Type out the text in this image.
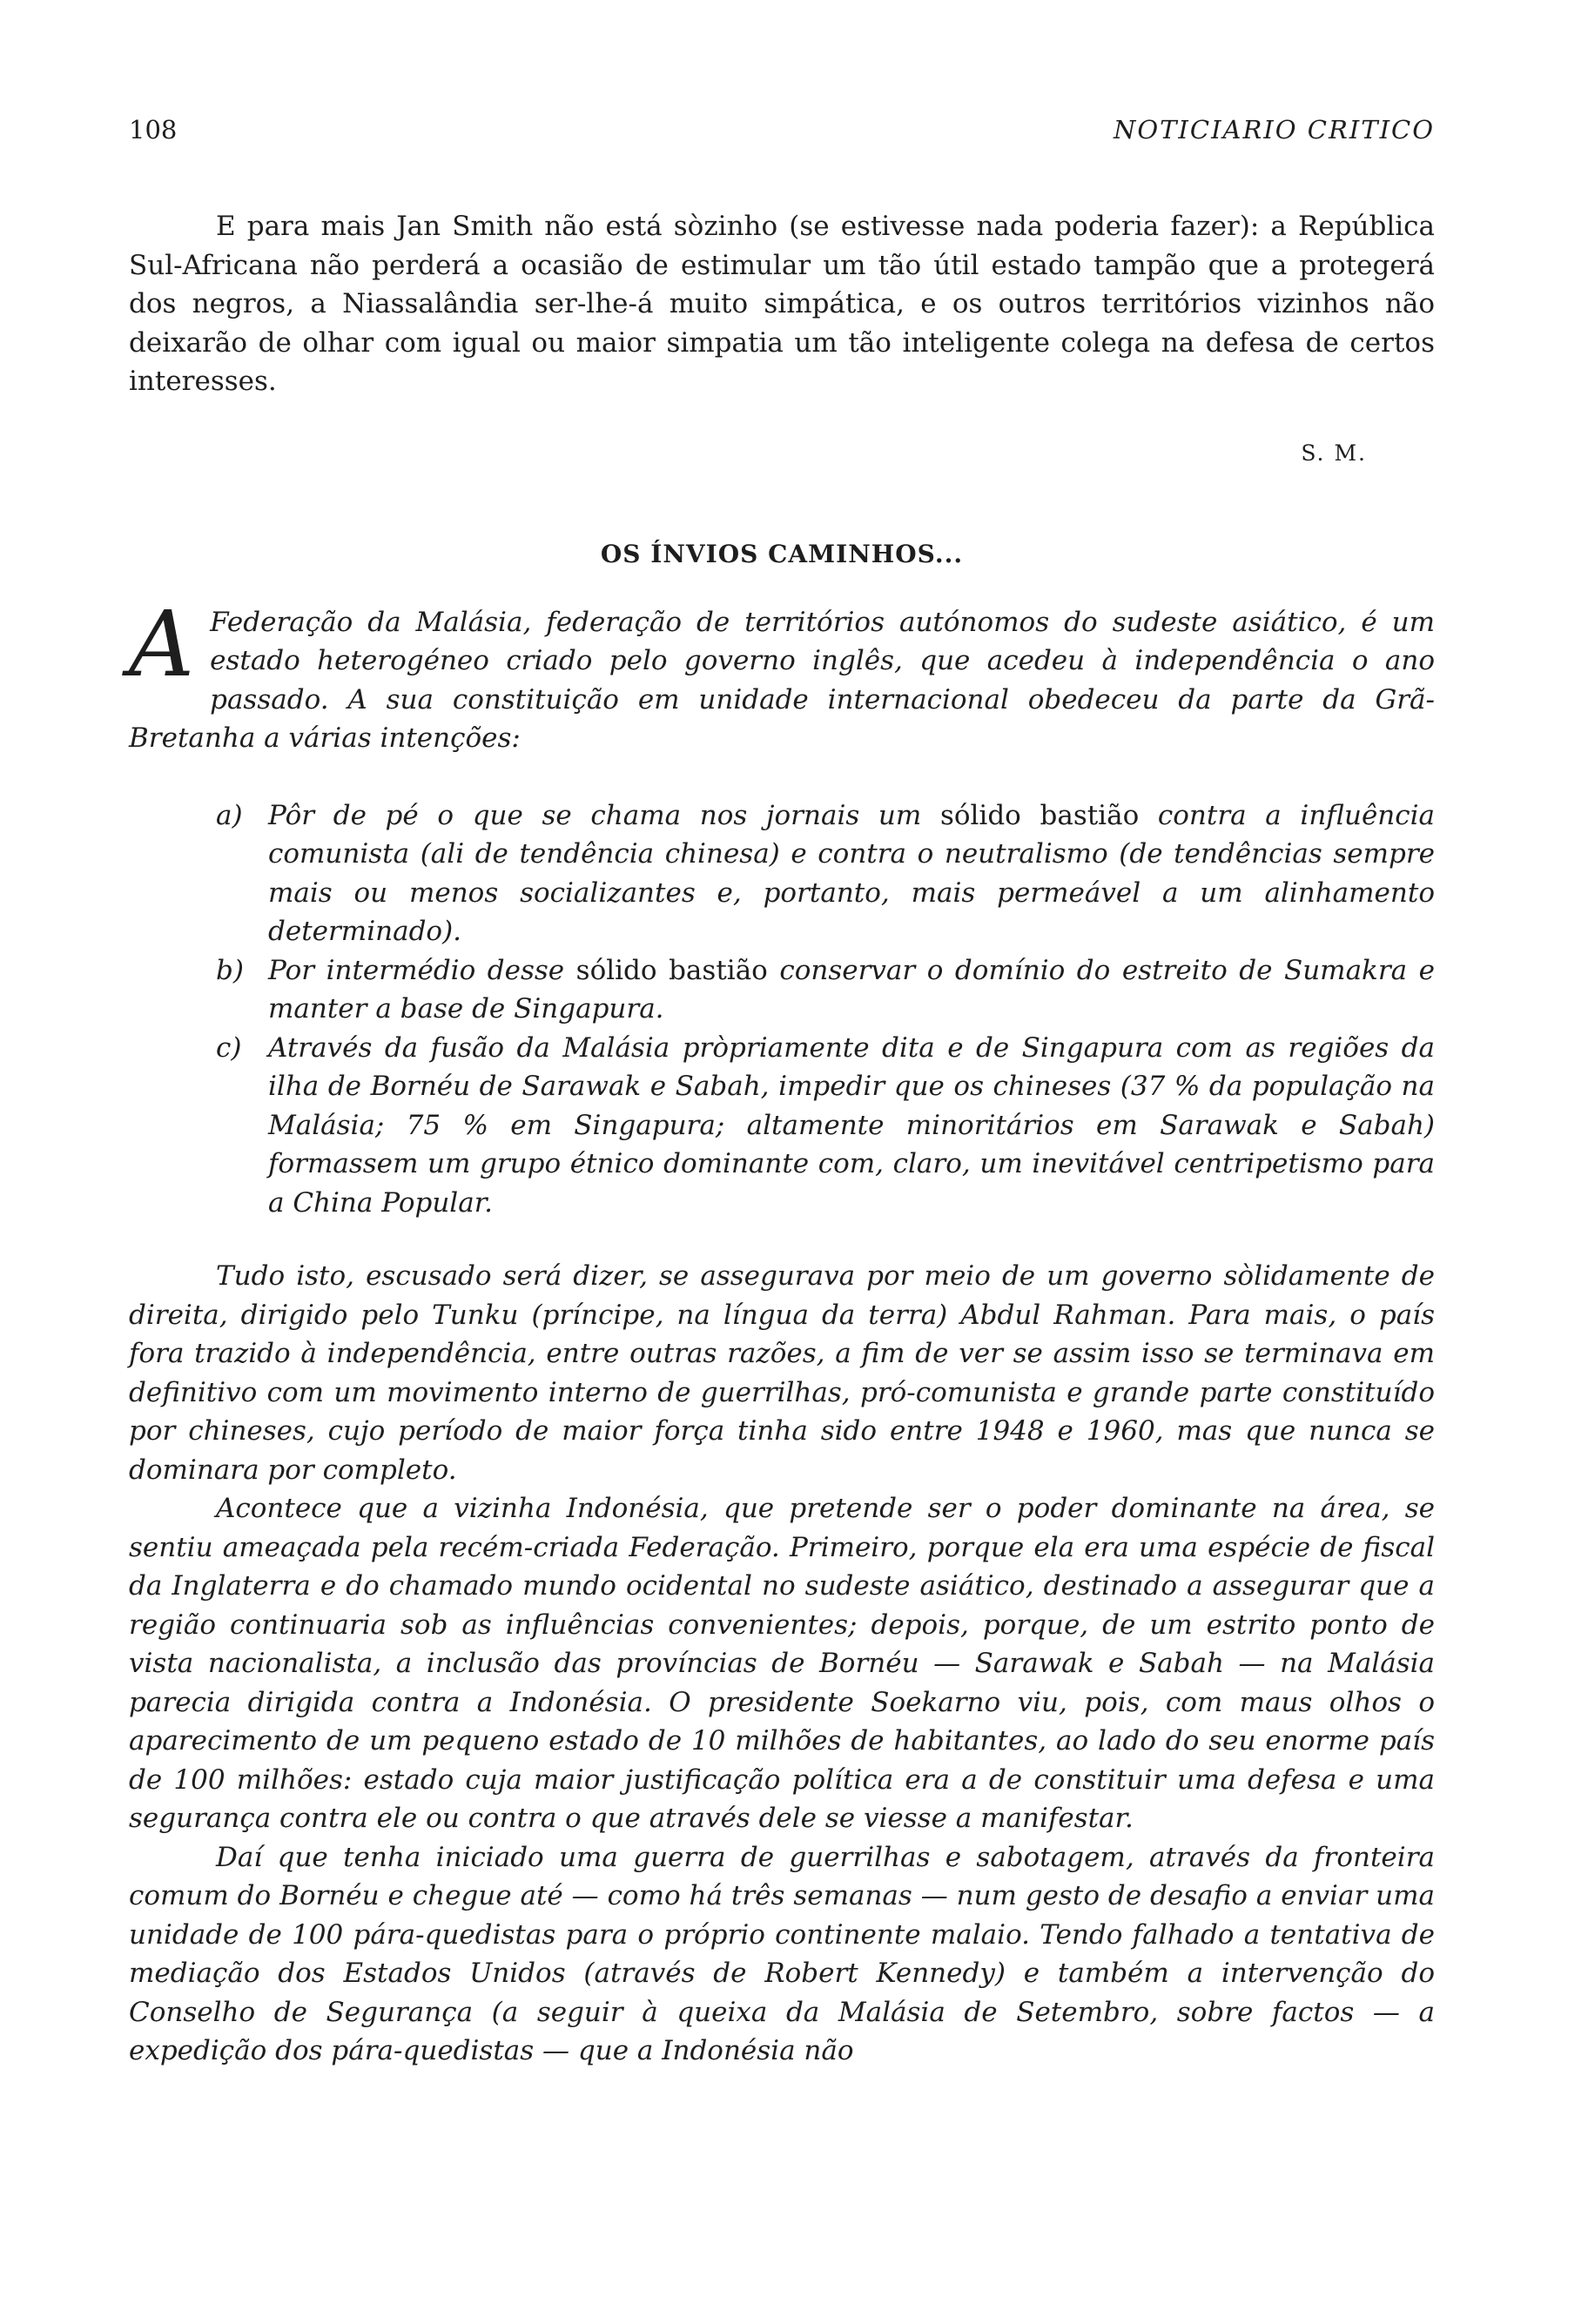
108	NOTICIARIO CRITICO

E para mais Jan Smith não está sòzinho (se estivesse nada poderia fazer): a República Sul-Africana não perderá a ocasião de estimular um tão útil estado tampão que a protegerá dos negros, a Niassalândia ser-lhe-á muito simpática, e os outros territórios vizinhos não deixarão de olhar com igual ou maior simpatia um tão inteligente colega na defesa de certos interesses.

S. M.
OS ÍNVIOS CAMINHOS...

A Federação da Malásia, federação de territórios autónomos do sudeste asiático, é um estado heterogéneo criado pelo governo inglês, que acedeu à independência o ano passado. A sua constituição em unidade internacional obedeceu da parte da Grã-Bretanha a várias intenções:

a) Pôr de pé o que se chama nos jornais um sólido bastião contra a influência comunista (ali de tendência chinesa) e contra o neutralismo (de tendências sempre mais ou menos socializantes e, portanto, mais permeável a um alinhamento determinado).
b) Por intermédio desse sólido bastião conservar o domínio do estreito de Sumakra e manter a base de Singapura.
c) Através da fusão da Malásia pròpriamente dita e de Singapura com as regiões da ilha de Bornéu de Sarawak e Sabah, impedir que os chineses (37 % da população na Malásia; 75 % em Singapura; altamente minoritários em Sarawak e Sabah) formassem um grupo étnico dominante com, claro, um inevitável centripetismo para a China Popular.

Tudo isto, escusado será dizer, se assegurava por meio de um governo sòlidamente de direita, dirigido pelo Tunku (príncipe, na língua da terra) Abdul Rahman. Para mais, o país fora trazido à independência, entre outras razões, a fim de ver se assim isso se terminava em definitivo com um movimento interno de guerrilhas, pró-comunista e grande parte constituído por chineses, cujo período de maior força tinha sido entre 1948 e 1960, mas que nunca se dominara por completo.

Acontece que a vizinha Indonésia, que pretende ser o poder dominante na área, se sentiu ameaçada pela recém-criada Federação. Primeiro, porque ela era uma espécie de fiscal da Inglaterra e do chamado mundo ocidental no sudeste asiático, destinado a assegurar que a região continuaria sob as influências convenientes; depois, porque, de um estrito ponto de vista nacionalista, a inclusão das províncias de Bornéu — Sarawak e Sabah — na Malásia parecia dirigida contra a Indonésia. O presidente Soekarno viu, pois, com maus olhos o aparecimento de um pequeno estado de 10 milhões de habitantes, ao lado do seu enorme país de 100 milhões: estado cuja maior justificação política era a de constituir uma defesa e uma segurança contra ele ou contra o que através dele se viesse a manifestar.

Daí que tenha iniciado uma guerra de guerrilhas e sabotagem, através da fronteira comum do Bornéu e chegue até — como há três semanas — num gesto de desafio a enviar uma unidade de 100 pára-quedistas para o próprio continente malaio. Tendo falhado a tentativa de mediação dos Estados Unidos (através de Robert Kennedy) e também a intervenção do Conselho de Segurança (a seguir à queixa da Malásia de Setembro, sobre factos — a expedição dos pára-quedistas — que a Indonésia não
